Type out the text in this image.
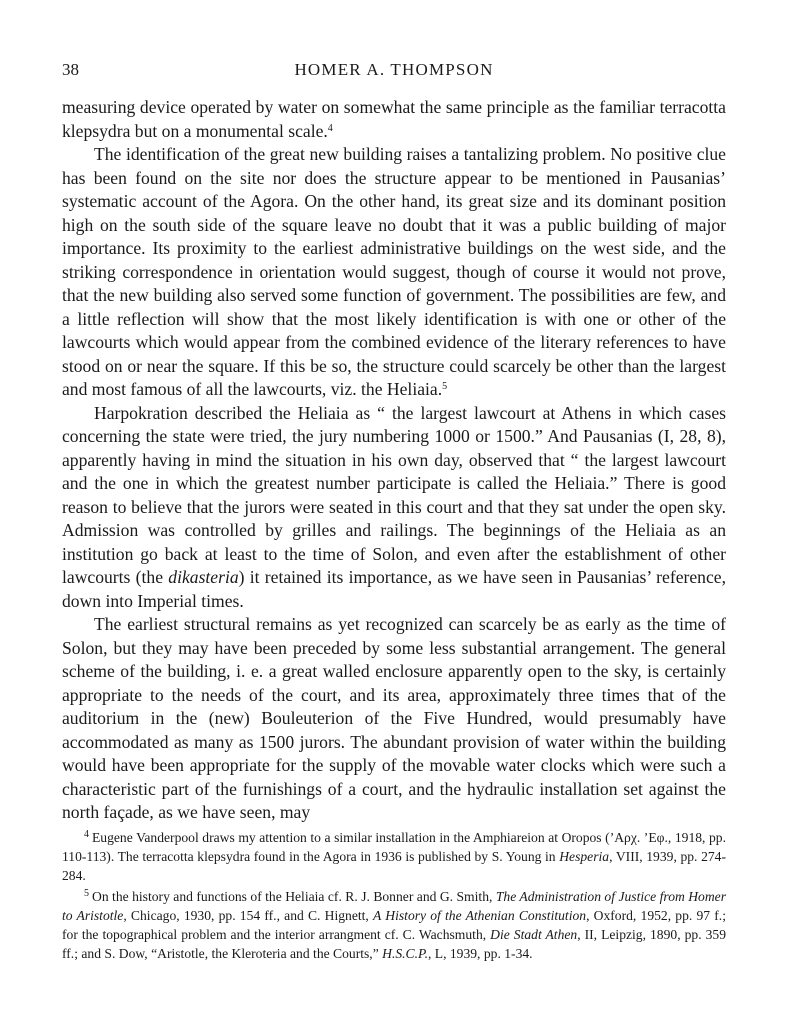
38	HOMER A. THOMPSON

measuring device operated by water on somewhat the same principle as the familiar terracotta klepsydra but on a monumental scale.$^4$

The identification of the great new building raises a tantalizing problem. No positive clue has been found on the site nor does the structure appear to be mentioned in Pausanias’ systematic account of the Agora. On the other hand, its great size and its dominant position high on the south side of the square leave no doubt that it was a public building of major importance. Its proximity to the earliest administrative buildings on the west side, and the striking correspondence in orientation would suggest, though of course it would not prove, that the new building also served some function of government. The possibilities are few, and a little reflection will show that the most likely identification is with one or other of the lawcourts which would appear from the combined evidence of the literary references to have stood on or near the square. If this be so, the structure could scarcely be other than the largest and most famous of all the lawcourts, viz. the Heliaia.$^5$

Harpokration described the Heliaia as “ the largest lawcourt at Athens in which cases concerning the state were tried, the jury numbering 1000 or 1500.” And Pausanias (I, 28, 8), apparently having in mind the situation in his own day, observed that “ the largest lawcourt and the one in which the greatest number participate is called the Heliaia.” There is good reason to believe that the jurors were seated in this court and that they sat under the open sky. Admission was controlled by grilles and railings. The beginnings of the Heliaia as an institution go back at least to the time of Solon, and even after the establishment of other lawcourts (the dikasteria) it retained its importance, as we have seen in Pausanias’ reference, down into Imperial times.

The earliest structural remains as yet recognized can scarcely be as early as the time of Solon, but they may have been preceded by some less substantial arrangement. The general scheme of the building, i. e. a great walled enclosure apparently open to the sky, is certainly appropriate to the needs of the court, and its area, approximately three times that of the auditorium in the (new) Bouleuterion of the Five Hundred, would presumably have accommodated as many as 1500 jurors. The abundant provision of water within the building would have been appropriate for the supply of the movable water clocks which were such a characteristic part of the furnishings of a court, and the hydraulic installation set against the north façade, as we have seen, may

$^4$ Eugene Vanderpool draws my attention to a similar installation in the Amphiareion at Oropos (’Αρχ. ’Εφ., 1918, pp. 110-113). The terracotta klepsydra found in the Agora in 1936 is published by S. Young in Hesperia, VIII, 1939, pp. 274-284.

$^5$ On the history and functions of the Heliaia cf. R. J. Bonner and G. Smith, The Administration of Justice from Homer to Aristotle, Chicago, 1930, pp. 154 ff., and C. Hignett, A History of the Athenian Constitution, Oxford, 1952, pp. 97 f.; for the topographical problem and the interior arrangment cf. C. Wachsmuth, Die Stadt Athen, II, Leipzig, 1890, pp. 359 ff.; and S. Dow, “Aristotle, the Kleroteria and the Courts,” H.S.C.P., L, 1939, pp. 1-34.
